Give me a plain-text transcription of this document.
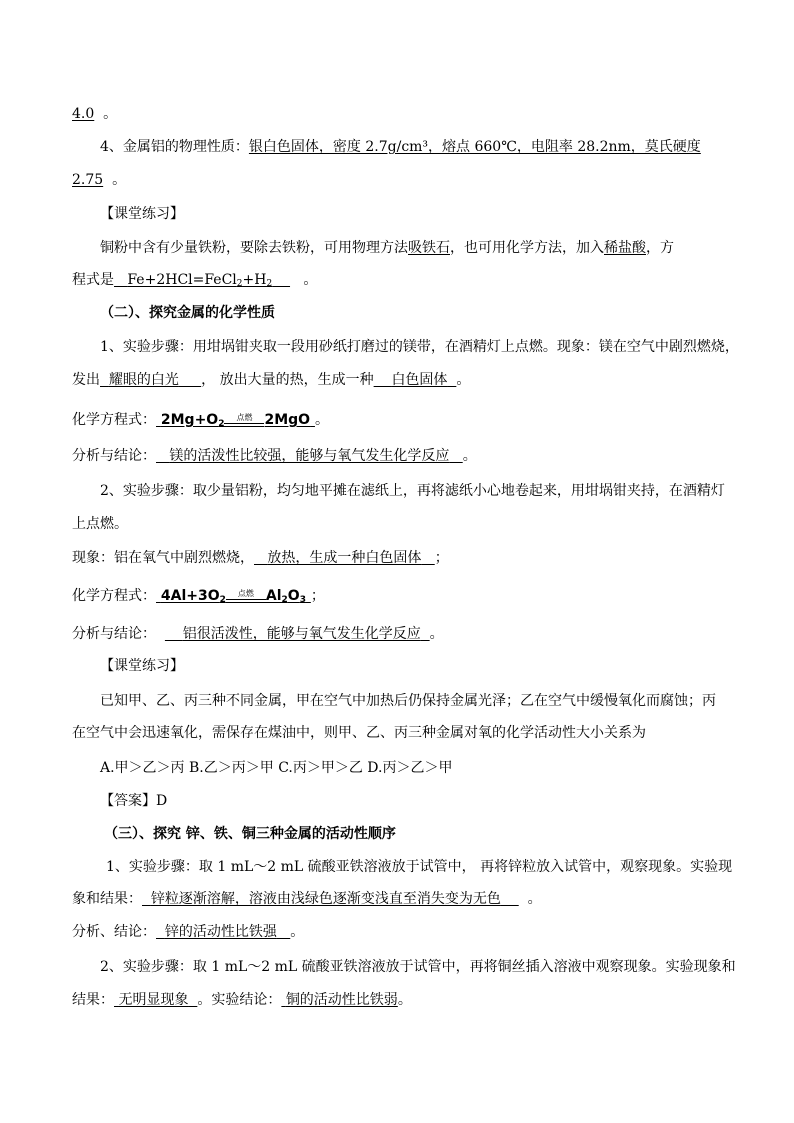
4.0 。
4、金属铝的物理性质：银白色固体，密度 2.7g/cm³，熔点 660℃，电阻率 28.2nm，莫氏硬度
2.75 。
【课堂练习】
铜粉中含有少量铁粉，要除去铁粉，可用物理方法吸铁石，也可用化学方法，加入稀盐酸，方
程式是 $Fe+2HCl=FeCl_2+H_2$ 。
（二）、探究金属的化学性质
1、实验步骤：用坩埚钳夹取一段用砂纸打磨过的镁带，在酒精灯上点燃。现象：镁在空气中剧烈燃烧，
发出 耀眼的白光 ， 放出大量的热，生成一种 白色固体 。
化学方程式： $2Mg+O_2$
点燃 2MgO 。
分析与结论： 镁的活泼性比较强，能够与氧气发生化学反应 。
2、实验步骤：取少量铝粉，均匀地平摊在滤纸上，再将滤纸小心地卷起来，用坩埚钳夹持，在酒精灯
上点燃。
现象：铝在氧气中剧烈燃烧， 放热，生成一种白色固体 ；
化学方程式： $4Al+3O_2$
点燃 $Al_2O_3$ ；
分析与结论： 铝很活泼性，能够与氧气发生化学反应 。
【课堂练习】
已知甲、乙、丙三种不同金属，甲在空气中加热后仍保持金属光泽；乙在空气中缓慢氧化而腐蚀；丙
在空气中会迅速氧化，需保存在煤油中，则甲、乙、丙三种金属对氧的化学活动性大小关系为
A.甲＞乙＞丙 B.乙＞丙＞甲 C.丙＞甲＞乙 D.丙＞乙＞甲
【答案】D
（三）、探究 锌、铁、铜三种金属的活动性顺序
1、实验步骤：取 1 mL～2 mL 硫酸亚铁溶液放于试管中， 再将锌粒放入试管中，观察现象。实验现
象和结果： 锌粒逐渐溶解，溶液由浅绿色逐渐变浅直至消失变为无色 。
分析、结论： 锌的活动性比铁强 。
2、实验步骤：取 1 mL～2 mL 硫酸亚铁溶液放于试管中，再将铜丝插入溶液中观察现象。实验现象和
结果： 无明显现象 。实验结论： 铜的活动性比铁弱。
